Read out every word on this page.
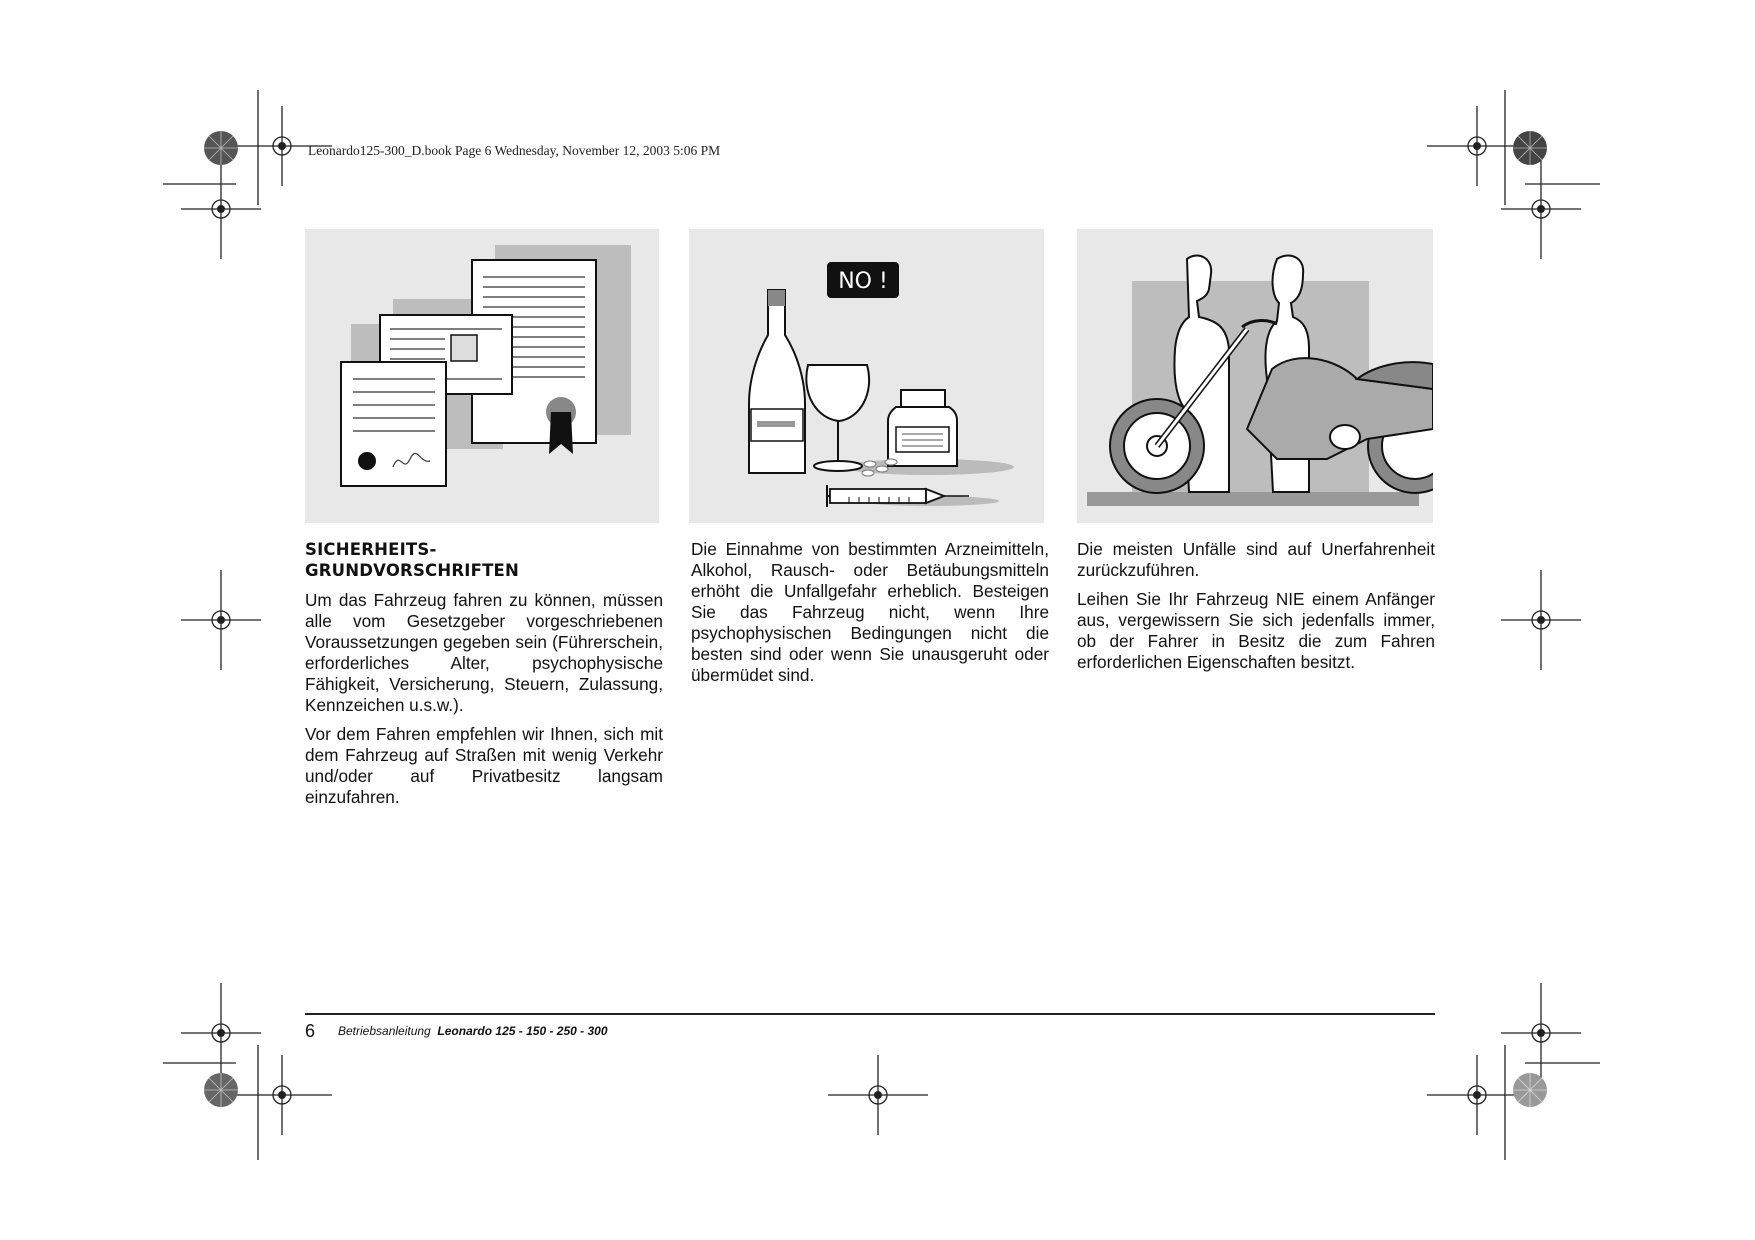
Leonardo125-300_D.book Page 6 Wednesday, November 12, 2003 5:06 PM
NO !
SICHERHEITS-
GRUNDVORSCHRIFTEN

Um das Fahrzeug fahren zu können, müssen alle vom Gesetzgeber vorgeschriebenen Voraussetzungen gegeben sein (Führerschein, erforderliches Alter, psychophysische Fähigkeit, Versicherung, Steuern, Zulassung, Kennzeichen u.s.w.).

Vor dem Fahren empfehlen wir Ihnen, sich mit dem Fahrzeug auf Straßen mit wenig Verkehr und/oder auf Privatbesitz langsam einzufahren.

Die Einnahme von bestimmten Arzneimitteln, Alkohol, Rausch- oder Betäubungsmitteln erhöht die Unfallgefahr erheblich. Besteigen Sie das Fahrzeug nicht, wenn Ihre psychophysischen Bedingungen nicht die besten sind oder wenn Sie unausgeruht oder übermüdet sind.

Die meisten Unfälle sind auf Unerfahrenheit zurückzuführen.

Leihen Sie Ihr Fahrzeug NIE einem Anfänger aus, vergewissern Sie sich jedenfalls immer, ob der Fahrer in Besitz die zum Fahren erforderlichen Eigenschaften besitzt.

6 Betriebsanleitung Leonardo 125 - 150 - 250 - 300
